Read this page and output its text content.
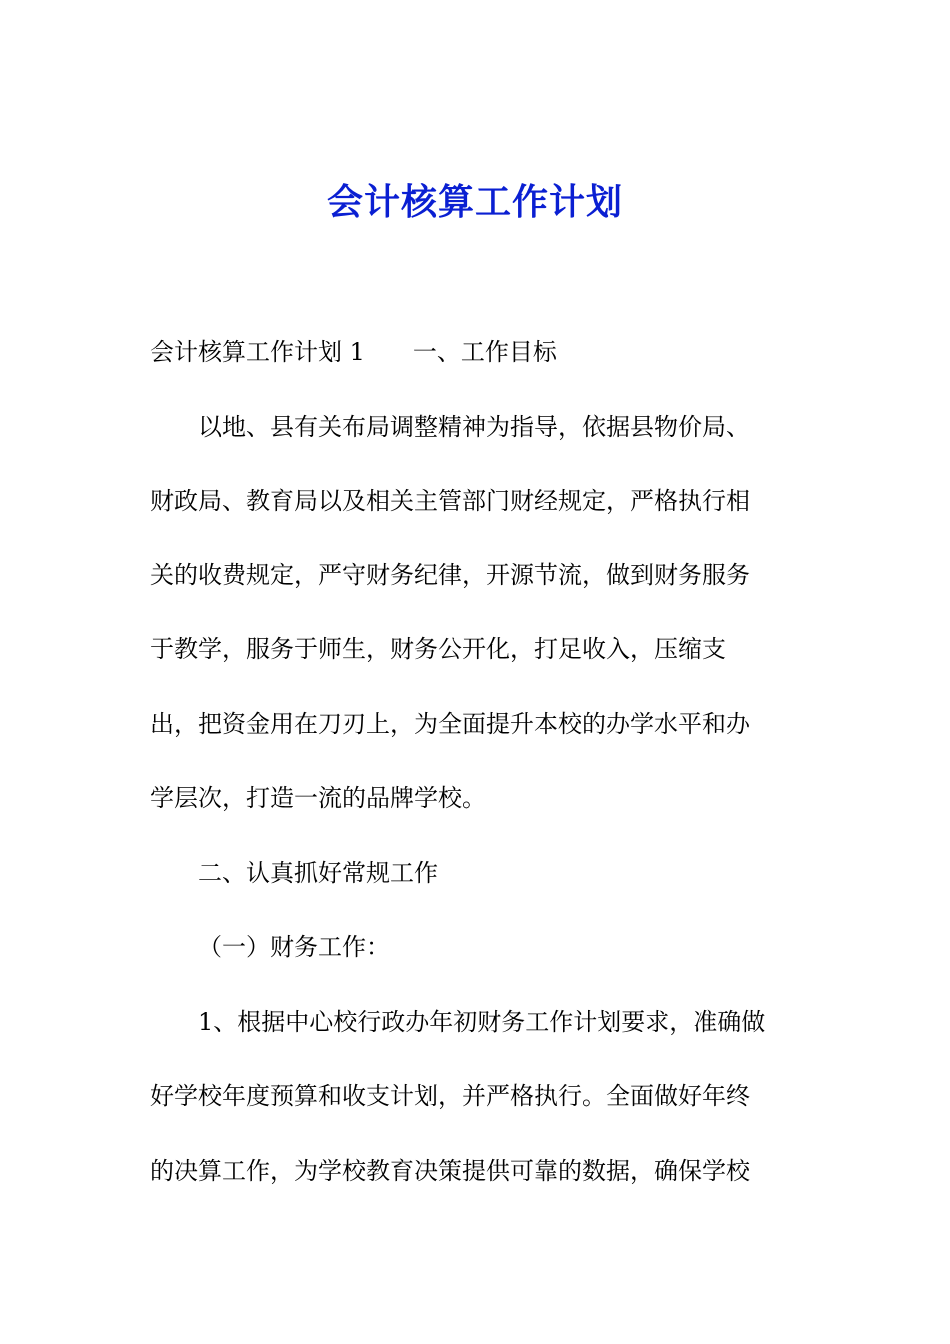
会计核算工作计划
会计核算工作计划 1 一、工作目标
以地、县有关布局调整精神为指导，依据县物价局、
财政局、教育局以及相关主管部门财经规定，严格执行相
关的收费规定，严守财务纪律，开源节流，做到财务服务
于教学，服务于师生，财务公开化，打足收入，压缩支
出，把资金用在刀刃上，为全面提升本校的办学水平和办
学层次，打造一流的品牌学校。
二、认真抓好常规工作
（一）财务工作：
1、根据中心校行政办年初财务工作计划要求，准确做
好学校年度预算和收支计划，并严格执行。全面做好年终
的决算工作，为学校教育决策提供可靠的数据，确保学校
